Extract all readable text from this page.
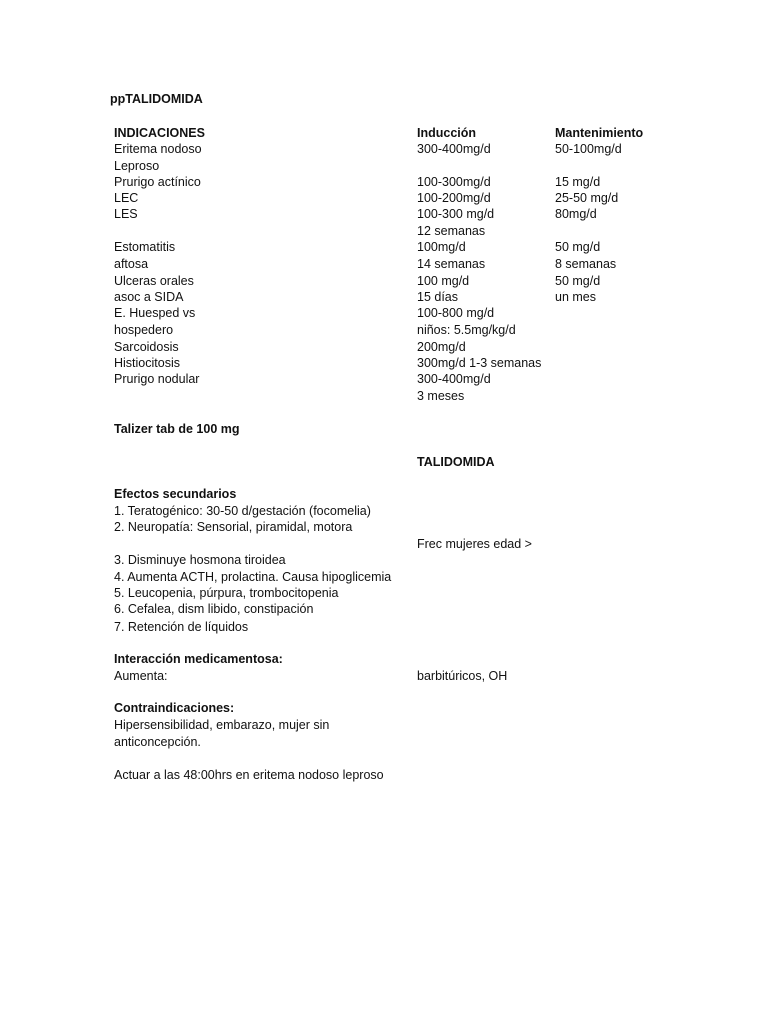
ppTALIDOMIDA
INDICACIONES	Inducción	Mantenimiento
Eritema nodoso	300-400mg/d	50-100mg/d
Leproso
Prurigo actínico	100-300mg/d	15 mg/d
LEC	100-200mg/d	25-50 mg/d
LES	100-300 mg/d	80mg/d
12 semanas
Estomatitis	100mg/d	50 mg/d
aftosa	14 semanas	8 semanas
Ulceras orales	100 mg/d	50 mg/d
asoc a SIDA	15 días	un mes
E. Huesped vs	100-800 mg/d
hospedero	niños: 5.5mg/kg/d
Sarcoidosis	200mg/d
Histiocitosis	300mg/d 1-3 semanas
Prurigo nodular	300-400mg/d
3 meses
Talizer tab de 100 mg
TALIDOMIDA
Efectos secundarios
1. Teratogénico: 30-50 d/gestación (focomelia)
2. Neuropatía: Sensorial, piramidal, motora
Frec mujeres edad >
3. Disminuye hosmona tiroidea
4. Aumenta ACTH, prolactina. Causa hipoglicemia
5. Leucopenia, púrpura, trombocitopenia
6. Cefalea, dism libido, constipación
7. Retención de líquidos
Interacción medicamentosa:
Aumenta:	barbitúricos, OH
Contraindicaciones:
Hipersensibilidad, embarazo, mujer sin
anticoncepción.
Actuar a las 48:00hrs en eritema nodoso leproso
